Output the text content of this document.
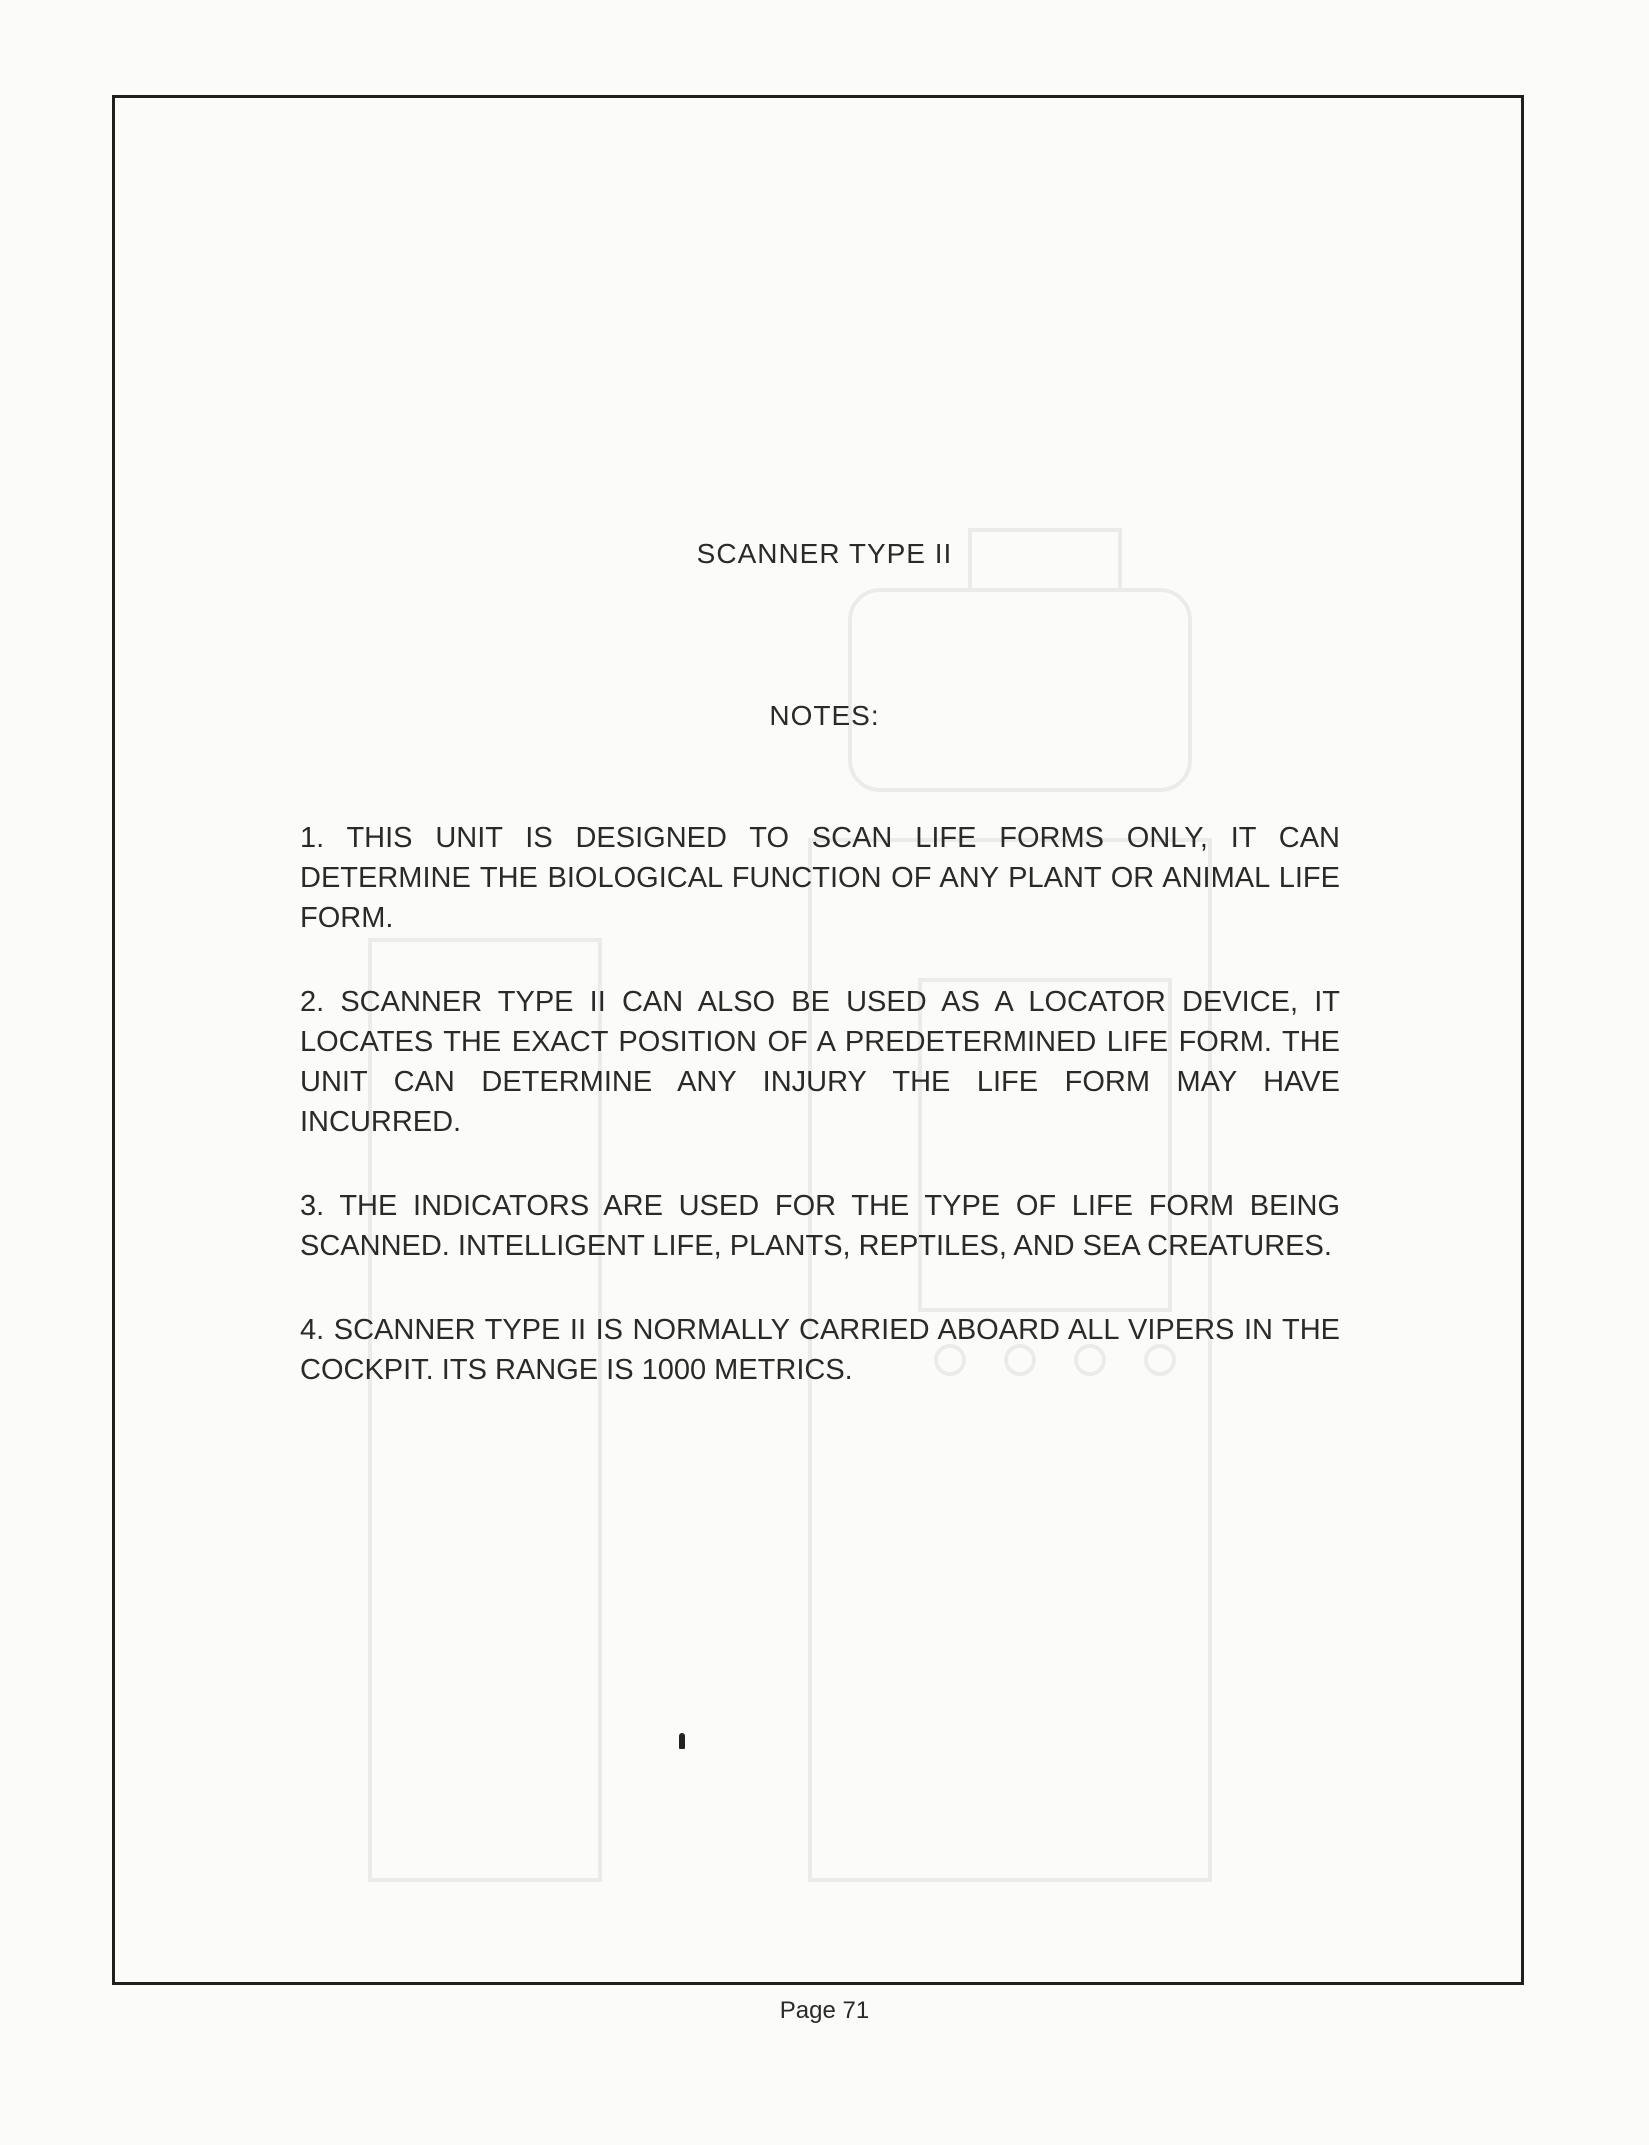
SCANNER TYPE II
NOTES:
1. THIS UNIT IS DESIGNED TO SCAN LIFE FORMS ONLY, IT CAN DETERMINE THE BIOLOGICAL FUNCTION OF ANY PLANT OR ANIMAL LIFE FORM.
2. SCANNER TYPE II CAN ALSO BE USED AS A LOCATOR DEVICE, IT LOCATES THE EXACT POSITION OF A PREDETERMINED LIFE FORM. THE UNIT CAN DETERMINE ANY INJURY THE LIFE FORM MAY HAVE INCURRED.
3. THE INDICATORS ARE USED FOR THE TYPE OF LIFE FORM BEING SCANNED. INTELLIGENT LIFE, PLANTS, REPTILES, AND SEA CREATURES.
4. SCANNER TYPE II IS NORMALLY CARRIED ABOARD ALL VIPERS IN THE COCKPIT. ITS RANGE IS 1000 METRICS.
Page 71
